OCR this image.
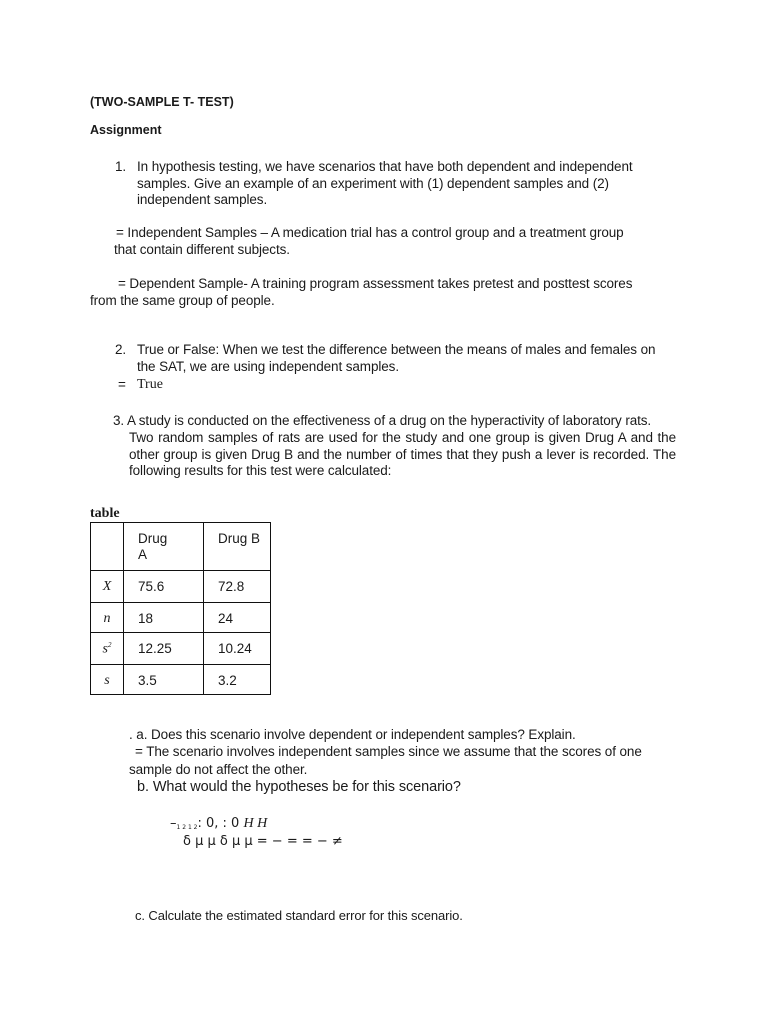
(TWO-SAMPLE T- TEST)
Assignment
1. In hypothesis testing, we have scenarios that have both dependent and independent
samples. Give an example of an experiment with (1) dependent samples and (2)
independent samples.
= Independent Samples – A medication trial has a control group and a treatment group
that contain different subjects.
= Dependent Sample- A training program assessment takes pretest and posttest scores
from the same group of people.
2. True or False: When we test the difference between the means of males and females on
the SAT, we are using independent samples.
= True
3. A study is conducted on the effectiveness of a drug on the hyperactivity of laboratory rats.
Two random samples of rats are used for the study and one group is given Drug A and the other group is given Drug B and the number of times that they push a lever is recorded. The following results for this test were calculated:
table

	Drug A	Drug B

X	75.6	72.8

n	18	24

$s^2$	12.25	10.24

s	3.5	3.2
. a. Does this scenario involve dependent or independent samples? Explain.
= The scenario involves independent samples since we assume that the scores of one
sample do not affect the other.
b. What would the hypotheses be for this scenario?
–1 2 1 2: 0, : 0 H H
δ μ μ δ μ μ = − = = − ≠
c. Calculate the estimated standard error for this scenario.
